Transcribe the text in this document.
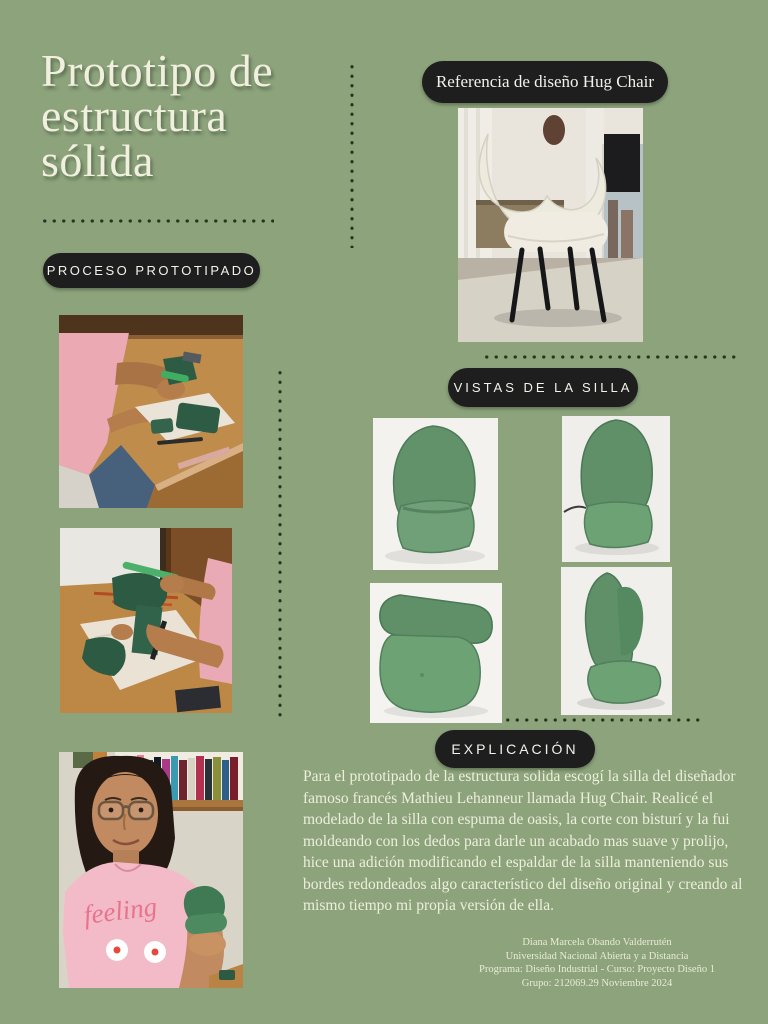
Prototipo de
estructura
sólida
Referencia de diseño Hug Chair
PROCESO PROTOTIPADO
VISTAS DE LA SILLA
EXPLICACIÓN
feeling
Para el prototipado de la estructura solida escogí la silla del diseñador famoso francés Mathieu Lehanneur llamada Hug Chair. Realicé el modelado de la silla con espuma de oasis, la corte con bisturí y la fui moldeando con los dedos para darle un acabado mas suave y prolijo, hice una adición modificando el espaldar de la silla manteniendo sus bordes redondeados algo característico del diseño original y creando al mismo tiempo mi propia versión de ella.
Diana Marcela Obando Valderrutén
Universidad Nacional Abierta y a Distancia
Programa: Diseño Industrial - Curso: Proyecto Diseño 1
Grupo: 212069.29 Noviembre 2024
